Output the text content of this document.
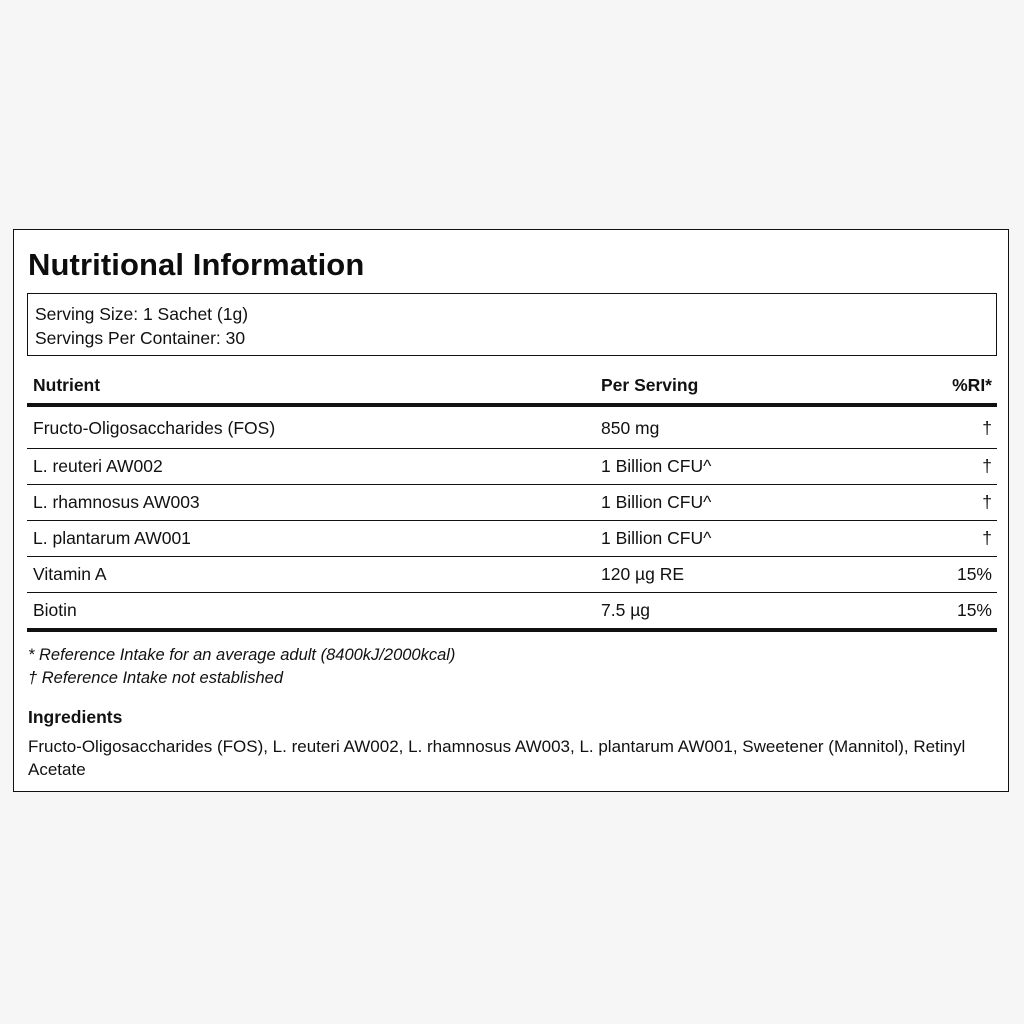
Nutritional Information
Serving Size: 1 Sachet (1g)
Servings Per Container: 30
Nutrient	Per Serving	%RI*
Fructo-Oligosaccharides (FOS)	850 mg	†
L. reuteri AW002	1 Billion CFU^	†
L. rhamnosus AW003	1 Billion CFU^	†
L. plantarum AW001	1 Billion CFU^	†
Vitamin A	120 µg RE	15%
Biotin	7.5 µg	15%
* Reference Intake for an average adult (8400kJ/2000kcal)
† Reference Intake not established
Ingredients

Fructo-Oligosaccharides (FOS), L. reuteri AW002, L. rhamnosus AW003, L. plantarum AW001, Sweetener (Mannitol), Retinyl Acetate
